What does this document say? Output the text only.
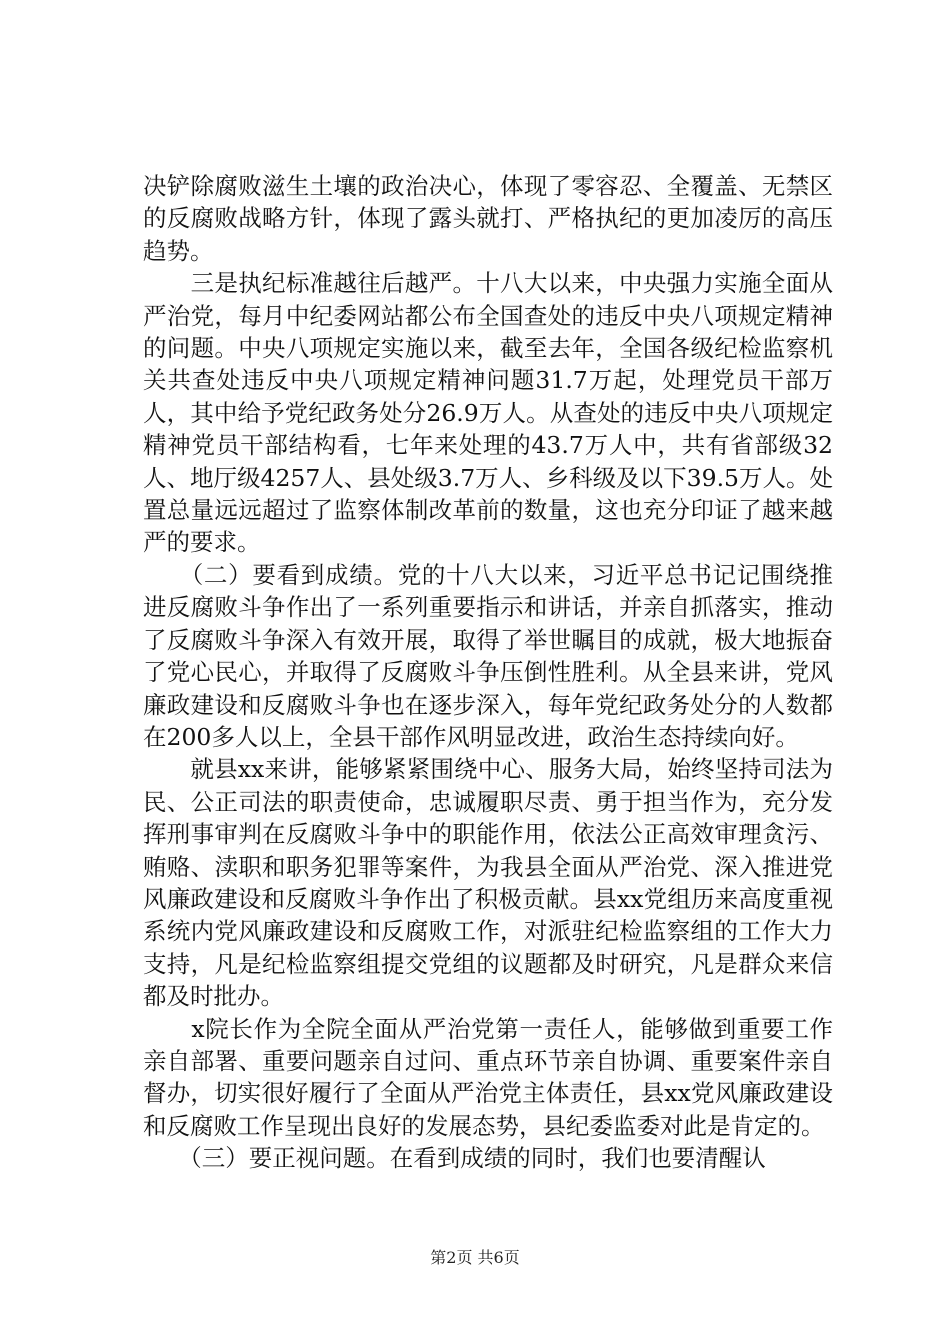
决铲除腐败滋生土壤的政治决心，体现了零容忍、全覆盖、无禁区的反腐败战略方针，体现了露头就打、严格执纪的更加凌厉的高压趋势。

　　三是执纪标准越往后越严。十八大以来，中央强力实施全面从严治党，每月中纪委网站都公布全国查处的违反中央八项规定精神的问题。中央八项规定实施以来，截至去年，全国各级纪检监察机关共查处违反中央八项规定精神问题31.7万起，处理党员干部万人，其中给予党纪政务处分26.9万人。从查处的违反中央八项规定精神党员干部结构看，七年来处理的43.7万人中，共有省部级32人、地厅级4257人、县处级3.7万人、乡科级及以下39.5万人。处置总量远远超过了监察体制改革前的数量，这也充分印证了越来越严的要求。

　　（二）要看到成绩。党的十八大以来，习近平总书记记围绕推进反腐败斗争作出了一系列重要指示和讲话，并亲自抓落实，推动了反腐败斗争深入有效开展，取得了举世瞩目的成就，极大地振奋了党心民心，并取得了反腐败斗争压倒性胜利。从全县来讲，党风廉政建设和反腐败斗争也在逐步深入，每年党纪政务处分的人数都在200多人以上，全县干部作风明显改进，政治生态持续向好。

　　就县xx来讲，能够紧紧围绕中心、服务大局，始终坚持司法为民、公正司法的职责使命，忠诚履职尽责、勇于担当作为，充分发挥刑事审判在反腐败斗争中的职能作用，依法公正高效审理贪污、贿赂、渎职和职务犯罪等案件，为我县全面从严治党、深入推进党风廉政建设和反腐败斗争作出了积极贡献。县xx党组历来高度重视系统内党风廉政建设和反腐败工作，对派驻纪检监察组的工作大力支持，凡是纪检监察组提交党组的议题都及时研究，凡是群众来信都及时批办。

　　x院长作为全院全面从严治党第一责任人，能够做到重要工作亲自部署、重要问题亲自过问、重点环节亲自协调、重要案件亲自督办，切实很好履行了全面从严治党主体责任，县xx党风廉政建设和反腐败工作呈现出良好的发展态势，县纪委监委对此是肯定的。

　　（三）要正视问题。在看到成绩的同时，我们也要清醒认

第2页 共6页
